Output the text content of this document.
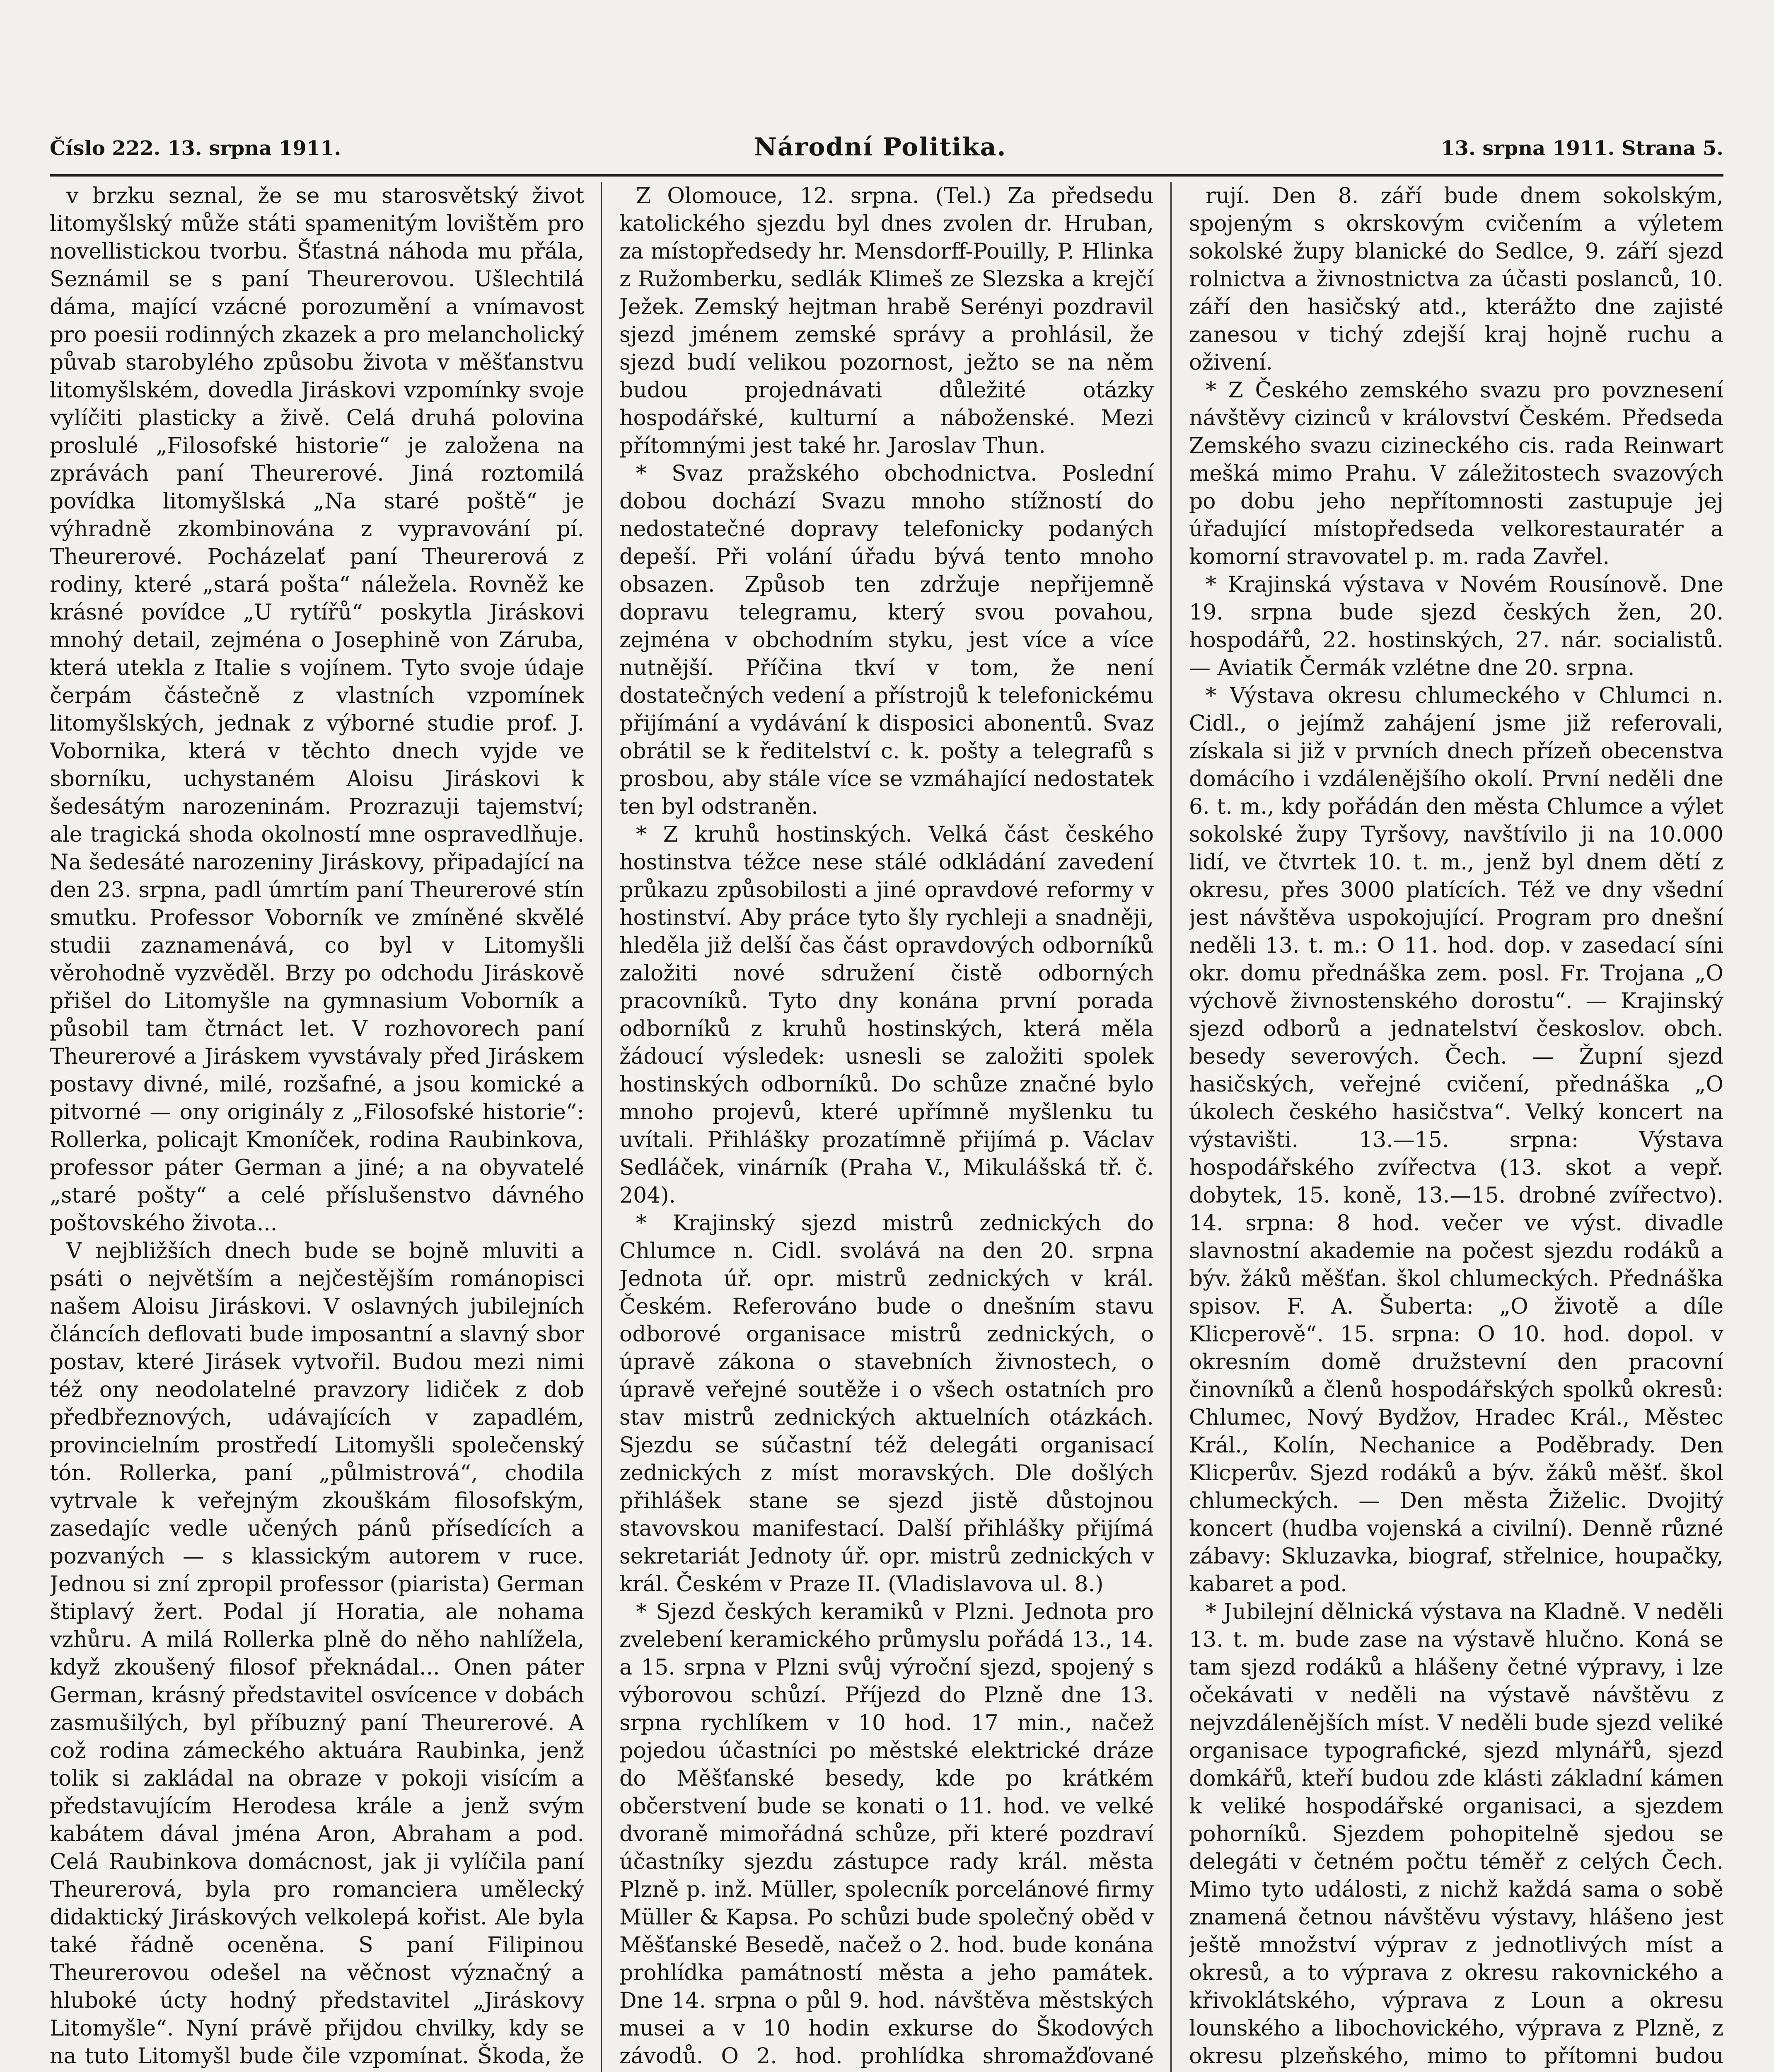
Číslo 222. 13. srpna 1911.	Národní Politika.	13. srpna 1911. Strana 5.

v brzku seznal, že se mu starosvětský život litomyšlský může státi spamenitým lovištěm pro novellistickou tvorbu. Šťastná náhoda mu přála, Seznámil se s paní Theurerovou. Ušlechtilá dáma, mající vzácné porozumění a vnímavost pro poesii rodinných zkazek a pro melancholický půvab starobylého způsobu života v měšťanstvu litomyšlském, dovedla Jiráskovi vzpomínky svoje vylíčiti plasticky a živě. Celá druhá polovina proslulé „Filosofské historie“ je založena na zprávách paní Theurerové. Jiná roztomilá povídka litomyšlská „Na staré poště“ je výhradně zkombinována z vypravování pí. Theurerové. Pocházelať paní Theurerová z rodiny, které „stará pošta“ náležela. Rovněž ke krásné povídce „U rytířů“ poskytla Jiráskovi mnohý detail, zejména o Josephině von Záruba, která utekla z Italie s vojínem. Tyto svoje údaje čerpám částečně z vlastních vzpomínek litomyšlských, jednak z výborné studie prof. J. Vobornika, která v těchto dnech vyjde ve sborníku, uchystaném Aloisu Jiráskovi k šedesátým narozeninám. Prozrazuji tajemství; ale tragická shoda okolností mne ospravedlňuje. Na šedesáté narozeniny Jiráskovy, připadající na den 23. srpna, padl úmrtím paní Theurerové stín smutku. Professor Voborník ve zmíněné skvělé studii zaznamenává, co byl v Litomyšli věrohodně vyzvěděl. Brzy po odchodu Jiráskově přišel do Litomyšle na gymnasium Voborník a působil tam čtrnáct let. V rozhovorech paní Theurerové a Jiráskem vyvstávaly před Jiráskem postavy divné, milé, rozšafné, a jsou komické a pitvorné — ony originály z „Filosofské historie“: Rollerka, policajt Kmoníček, rodina Raubinkova, professor páter German a jiné; a na obyvatelé „staré pošty“ a celé příslušenstvo dávného poštovského života...

V nejbližších dnech bude se bojně mluviti a psáti o největším a nejčestějším románopisci našem Aloisu Jiráskovi. V oslavných jubilejních článcích deflovati bude imposantní a slavný sbor postav, které Jirásek vytvořil. Budou mezi nimi též ony neodolatelné pravzory lidiček z dob předbřeznových, udávajících v zapadlém, provincielním prostředí Litomyšli společenský tón. Rollerka, paní „půlmistrová“, chodila vytrvale k veřejným zkouškám filosofským, zasedajíc vedle učených pánů přísedících a pozvaných — s klassickým autorem v ruce. Jednou si zní zpropil professor (piarista) German štiplavý žert. Podal jí Horatia, ale nohama vzhůru. A milá Rollerka plně do něho nahlížela, když zkoušený filosof překnádal... Onen páter German, krásný představitel osvícence v dobách zasmušilých, byl příbuzný paní Theurerové. A což rodina zámeckého aktuára Raubinka, jenž tolik si zakládal na obraze v pokoji visícím a představujícím Herodesa krále a jenž svým kabátem dával jména Aron, Abraham a pod. Celá Raubinkova domácnost, jak ji vylíčila paní Theurerová, byla pro romanciera umělecký didaktický Jiráskových velkolepá kořist. Ale byla také řádně oceněna. S paní Filipinou Theurerovou odešel na věčnost význačný a hluboké úcty hodný představitel „Jiráskovy Litomyšle“. Nyní právě přijdou chvilky, kdy se na tuto Litomyšl bude čile vzpomínat. Škoda, že

Z Olomouce, 12. srpna. (Tel.) Za předsedu katolického sjezdu byl dnes zvolen dr. Hruban, za místopředsedy hr. Mensdorff-Pouilly, P. Hlinka z Ružomberku, sedlák Klimeš ze Slezska a krejčí Ježek. Zemský hejtman hrabě Serényi pozdravil sjezd jménem zemské správy a prohlásil, že sjezd budí velikou pozornost, ježto se na něm budou projednávati důležité otázky hospodářské, kulturní a náboženské. Mezi přítomnými jest také hr. Jaroslav Thun.

* Svaz pražského obchodnictva. Poslední dobou dochází Svazu mnoho stížností do nedostatečné dopravy telefonicky podaných depeší. Při volání úřadu bývá tento mnoho obsazen. Způsob ten zdržuje nepřijemně dopravu telegramu, který svou povahou, zejména v obchodním styku, jest více a více nutnější. Příčina tkví v tom, že není dostatečných vedení a přístrojů k telefonickému přijímání a vydávání k disposici abonentů. Svaz obrátil se k ředitelství c. k. pošty a telegrafů s prosbou, aby stále více se vzmáhající nedostatek ten byl odstraněn.

* Z kruhů hostinských. Velká část českého hostinstva téžce nese stálé odkládání zavedení průkazu způsobilosti a jiné opravdové reformy v hostinství. Aby práce tyto šly rychleji a snadněji, hleděla již delší čas část opravdových odborníků založiti nové sdružení čistě odborných pracovníků. Tyto dny konána první porada odborníků z kruhů hostinských, která měla žádoucí výsledek: usnesli se založiti spolek hostinských odborníků. Do schůze značné bylo mnoho projevů, které upřímně myšlenku tu uvítali. Přihlášky prozatímně přijímá p. Václav Sedláček, vinárník (Praha V., Mikulášská tř. č. 204).

* Krajinský sjezd mistrů zednických do Chlumce n. Cidl. svolává na den 20. srpna Jednota úř. opr. mistrů zednických v král. Českém. Referováno bude o dnešním stavu odborové organisace mistrů zednických, o úpravě zákona o stavebních živnostech, o úpravě veřejné soutěže i o všech ostatních pro stav mistrů zednických aktuelních otázkách. Sjezdu se súčastní též delegáti organisací zednických z míst moravských. Dle došlých přihlášek stane se sjezd jistě důstojnou stavovskou manifestací. Další přihlášky přijímá sekretariát Jednoty úř. opr. mistrů zednických v král. Českém v Praze II. (Vladislavova ul. 8.)

* Sjezd českých keramiků v Plzni. Jednota pro zvelebení keramického průmyslu pořádá 13., 14. a 15. srpna v Plzni svůj výroční sjezd, spojený s výborovou schůzí. Příjezd do Plzně dne 13. srpna rychlíkem v 10 hod. 17 min., načež pojedou účastníci po městské elektrické dráze do Měšťanské besedy, kde po krátkém občerstvení bude se konati o 11. hod. ve velké dvoraně mimořádná schůze, při které pozdraví účastníky sjezdu zástupce rady král. města Plzně p. inž. Müller, spolecník porcelánové firmy Müller & Kapsa. Po schůzi bude společný oběd v Měšťanské Besedě, načež o 2. hod. bude konána prohlídka památností města a jeho památek. Dne 14. srpna o půl 9. hod. návštěva městských musei a v 10 hodin exkurse do Škodových závodů. O 2. hod. prohlídka shromažďované

rují. Den 8. září bude dnem sokolským, spojeným s okrskovým cvičením a výletem sokolské župy blanické do Sedlce, 9. září sjezd rolnictva a živnostnictva za účasti poslanců, 10. září den hasičský atd., kterážto dne zajisté zanesou v tichý zdejší kraj hojně ruchu a oživení.

* Z Českého zemského svazu pro povznesení návštěvy cizinců v království Českém. Předseda Zemského svazu cizineckého cis. rada Reinwart mešká mimo Prahu. V záležitostech svazových po dobu jeho nepřítomnosti zastupuje jej úřadující místopředseda velkorestauratér a komorní stravovatel p. m. rada Zavřel.

* Krajinská výstava v Novém Rousínově. Dne 19. srpna bude sjezd českých žen, 20. hospodářů, 22. hostinských, 27. nár. socialistů. — Aviatik Čermák vzlétne dne 20. srpna.

* Výstava okresu chlumeckého v Chlumci n. Cidl., o jejímž zahájení jsme již referovali, získala si již v prvních dnech přízeň obecenstva domácího i vzdálenějšího okolí. První neděli dne 6. t. m., kdy pořádán den města Chlumce a výlet sokolské župy Tyršovy, navštívilo ji na 10.000 lidí, ve čtvrtek 10. t. m., jenž byl dnem dětí z okresu, přes 3000 platících. Též ve dny všední jest návštěva uspokojující. Program pro dnešní neděli 13. t. m.: O 11. hod. dop. v zasedací síni okr. domu přednáška zem. posl. Fr. Trojana „O výchově živnostenského dorostu“. — Krajinský sjezd odborů a jednatelství českoslov. obch. besedy severových. Čech. — Župní sjezd hasičských, veřejné cvičení, přednáška „O úkolech českého hasičstva“. Velký koncert na výstavišti. 13.—15. srpna: Výstava hospodářského zvířectva (13. skot a vepř. dobytek, 15. koně, 13.—15. drobné zvířectvo). 14. srpna: 8 hod. večer ve výst. divadle slavnostní akademie na počest sjezdu rodáků a býv. žáků měšťan. škol chlumeckých. Přednáška spisov. F. A. Šuberta: „O životě a díle Klicperově“. 15. srpna: O 10. hod. dopol. v okresním domě družstevní den pracovní činovníků a členů hospodářských spolků okresů: Chlumec, Nový Bydžov, Hradec Král., Městec Král., Kolín, Nechanice a Poděbrady. Den Klicperův. Sjezd rodáků a býv. žáků měšť. škol chlumeckých. — Den města Žiželic. Dvojitý koncert (hudba vojenská a civilní). Denně různé zábavy: Skluzavka, biograf, střelnice, houpačky, kabaret a pod.

* Jubilejní dělnická výstava na Kladně. V neděli 13. t. m. bude zase na výstavě hlučno. Koná se tam sjezd rodáků a hlášeny četné výpravy, i lze očekávati v neděli na výstavě návštěvu z nejvzdálenějších míst. V neděli bude sjezd veliké organisace typografické, sjezd mlynářů, sjezd domkářů, kteří budou zde klásti základní kámen k veliké hospodářské organisaci, a sjezdem pohorníků. Sjezdem pohopitelně sjedou se delegáti v četném počtu téměř z celých Čech. Mimo tyto události, z nichž každá sama o sobě znamená četnou návštěvu výstavy, hlášeno jest ještě množství výprav z jednotlivých míst a okresů, a to výprava z okresu rakovnického a křivoklátského, výprava z Loun a okresu lounského a libochovického, výprava z Plzně, z okresu plzeňského, mimo to přítomni budou
